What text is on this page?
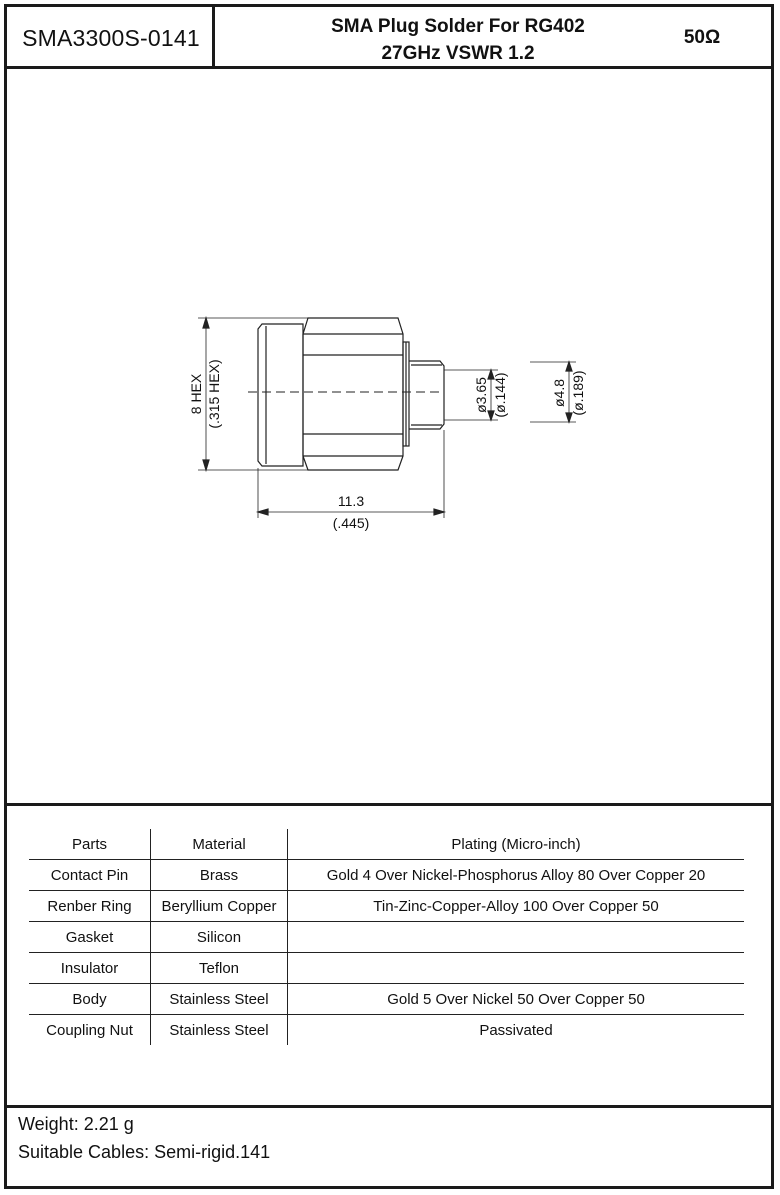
SMA3300S-0141	SMA Plug Solder For RG402
27GHz VSWR 1.2
50Ω
8 HEX (.315 HEX)
11.3
(.445)
ø3.65 (ø.144)	ø4.8 (ø.189)
Parts	Material	Plating (Micro-inch)
Contact Pin	Brass	Gold 4 Over Nickel-Phosphorus Alloy 80 Over Copper 20
Renber Ring	Beryllium Copper	Tin-Zinc-Copper-Alloy 100 Over Copper 50
Gasket	Silicon	
Insulator	Teflon	
Body	Stainless Steel	Gold 5 Over Nickel 50 Over Copper 50
Coupling Nut	Stainless Steel	Passivated
Weight: 2.21 g
Suitable Cables: Semi-rigid.141
